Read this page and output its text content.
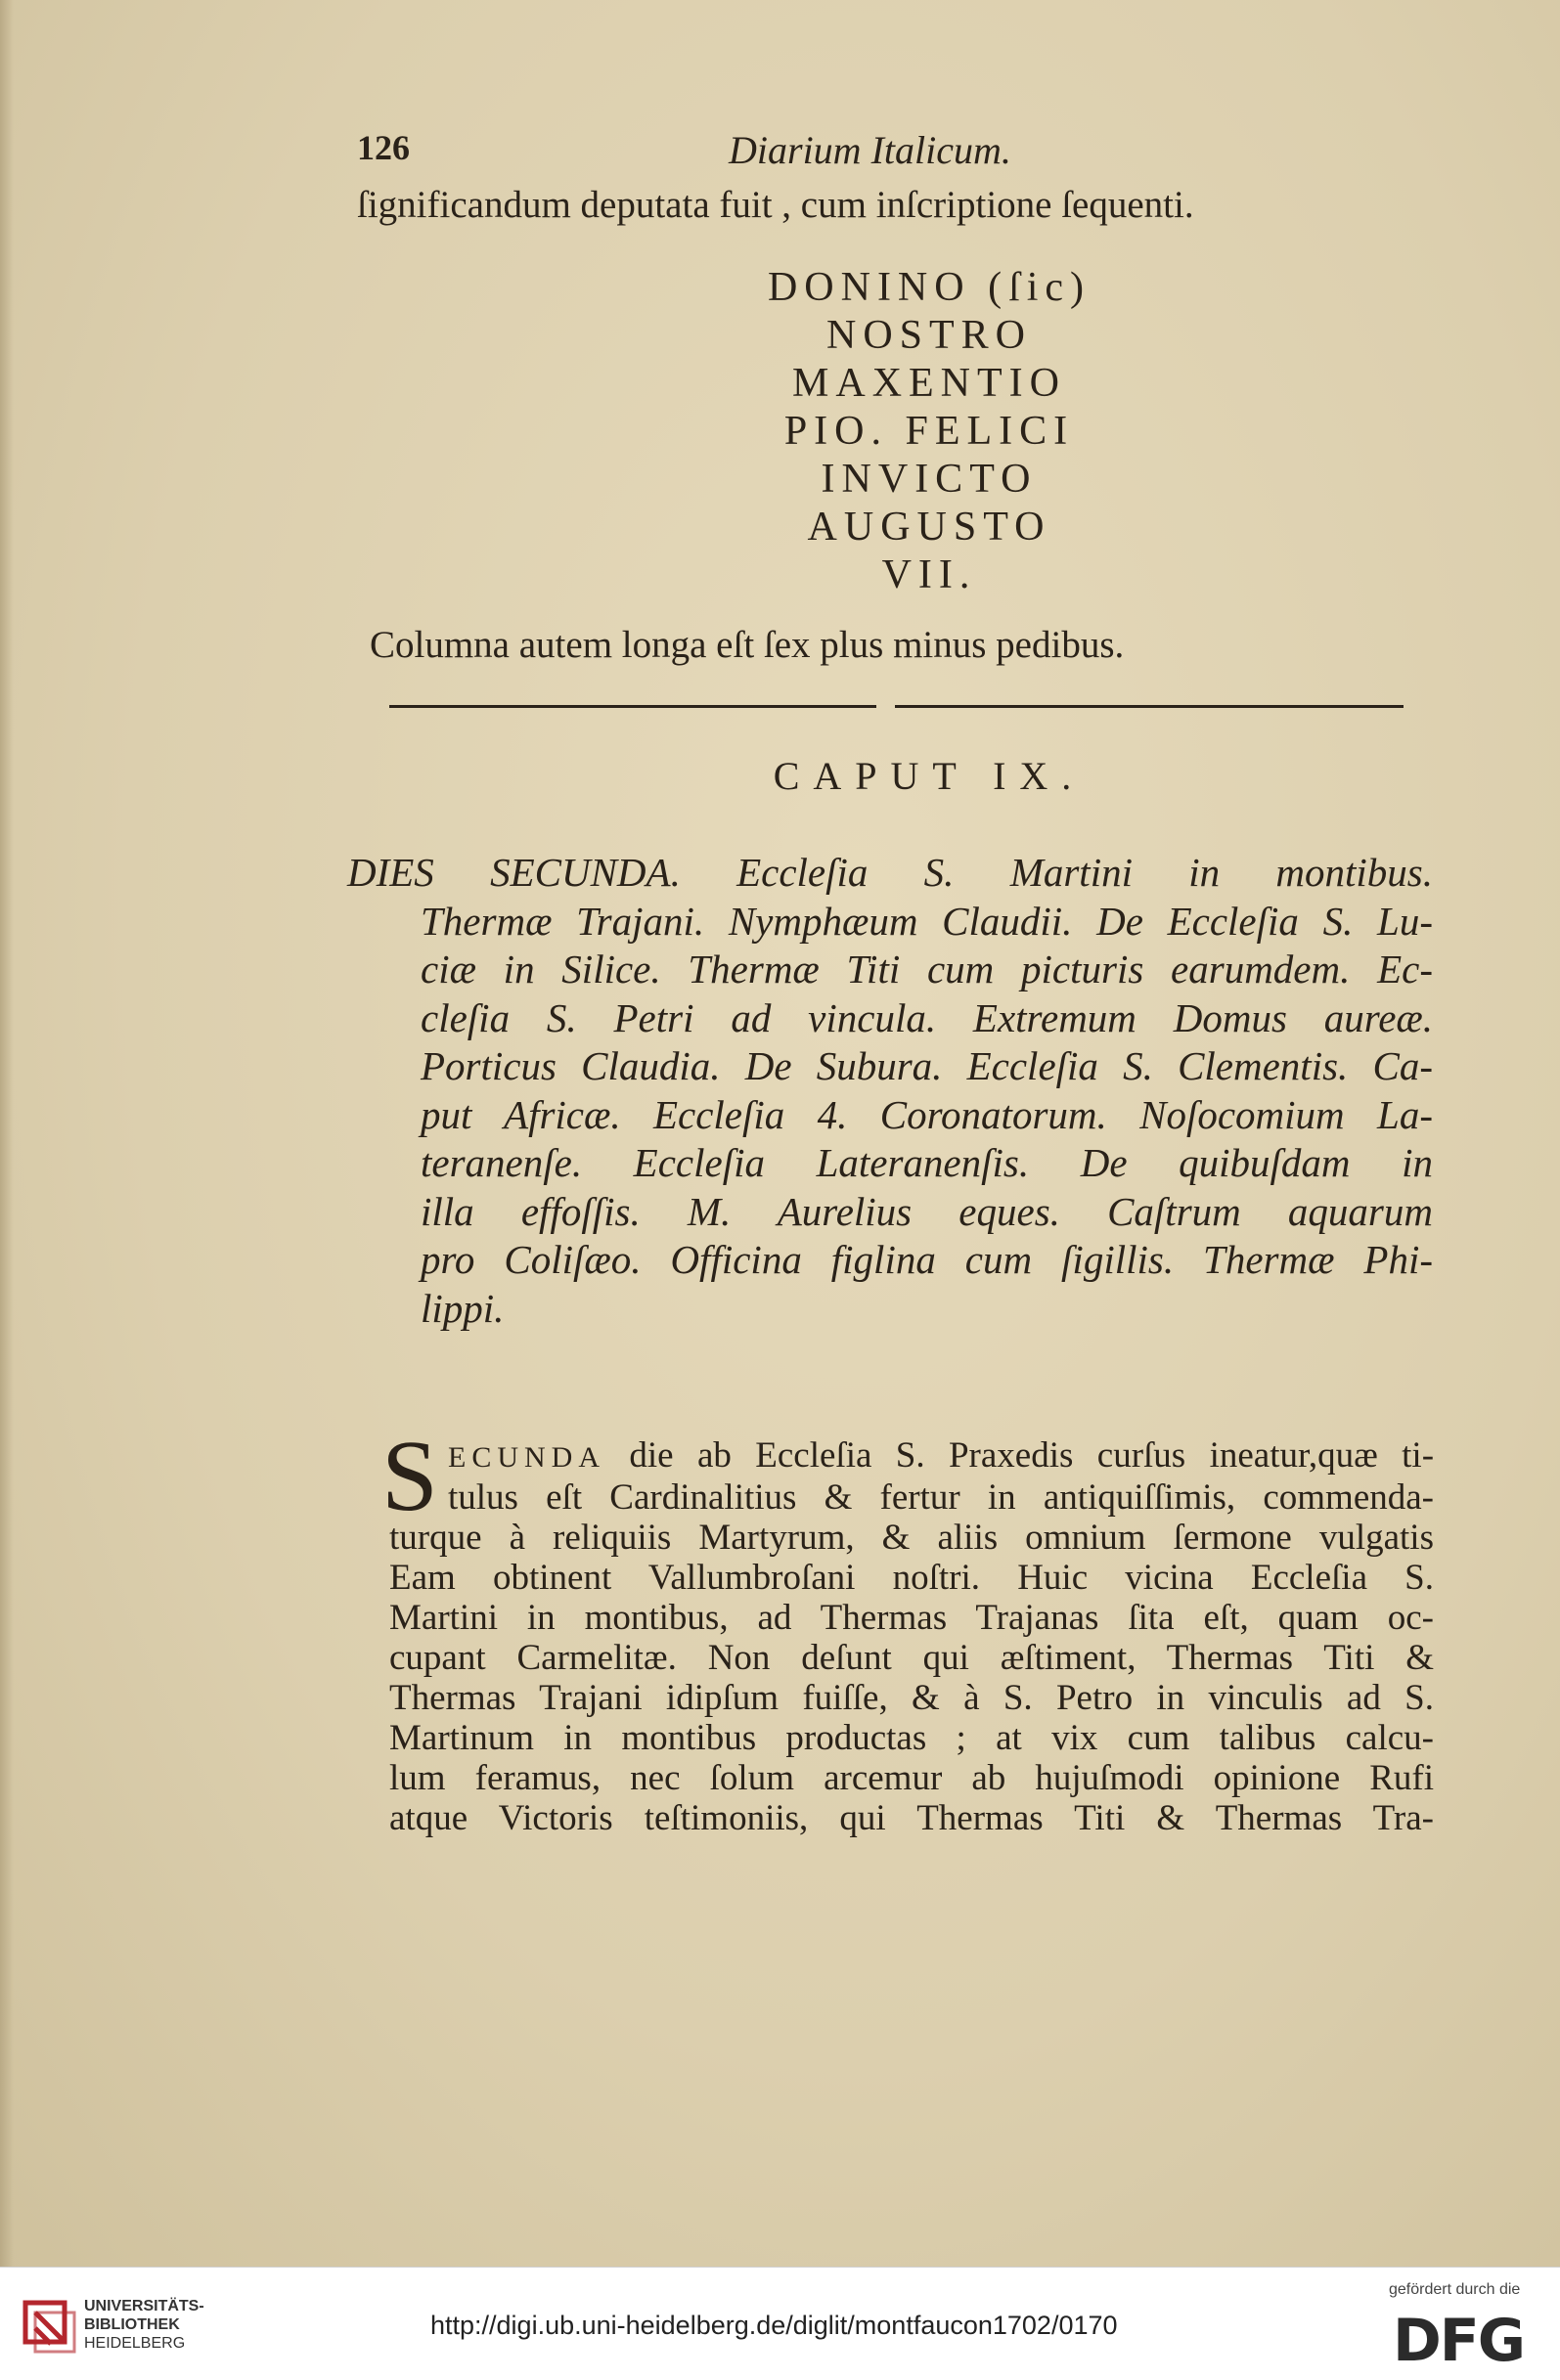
126	Diarium Italicum.
ſignificandum deputata fuit , cum inſcriptione ſequenti.
DONINO (ſic)
NOSTRO
MAXENTIO
PIO. FELICI
INVICTO
AUGUSTO
VII.
Columna autem longa eſt ſex plus minus pedibus.
CAPUT IX.
DIES SECUNDA. Eccleſia S. Martini in montibus.
Thermæ Trajani. Nymphæum Claudii. De Eccleſia S. Lu-
ciæ in Silice. Thermæ Titi cum picturis earumdem. Ec-
cleſia S. Petri ad vincula. Extremum Domus aureæ.
Porticus Claudia. De Subura. Eccleſia S. Clementis. Ca-
put Africæ. Eccleſia 4. Coronatorum. Noſocomium La-
teranenſe. Eccleſia Lateranenſis. De quibuſdam in
illa effoſſis. M. Aurelius eques. Caſtrum aquarum
pro Coliſæo. Officina figlina cum ſigillis. Thermæ Phi-
lippi.
S ECUNDA die ab Eccleſia S. Praxedis curſus ineatur,quæ ti-
tulus eſt Cardinalitius & fertur in antiquiſſimis, commenda-
turque à reliquiis Martyrum, & aliis omnium ſermone vulgatis
Eam obtinent Vallumbroſani noſtri. Huic vicina Eccleſia S.
Martini in montibus, ad Thermas Trajanas ſita eſt, quam oc-
cupant Carmelitæ. Non deſunt qui æſtiment, Thermas Titi &
Thermas Trajani idipſum fuiſſe, & à S. Petro in vinculis ad S.
Martinum in montibus productas ; at vix cum talibus calcu-
lum feramus, nec ſolum arcemur ab hujuſmodi opinione Rufi
atque Victoris teſtimoniis, qui Thermas Titi & Thermas Tra-
UNIVERSITÄTS-
BIBLIOTHEK
HEIDELBERG
http://digi.ub.uni-heidelberg.de/diglit/montfaucon1702/0170
gefördert durch die
DFG
